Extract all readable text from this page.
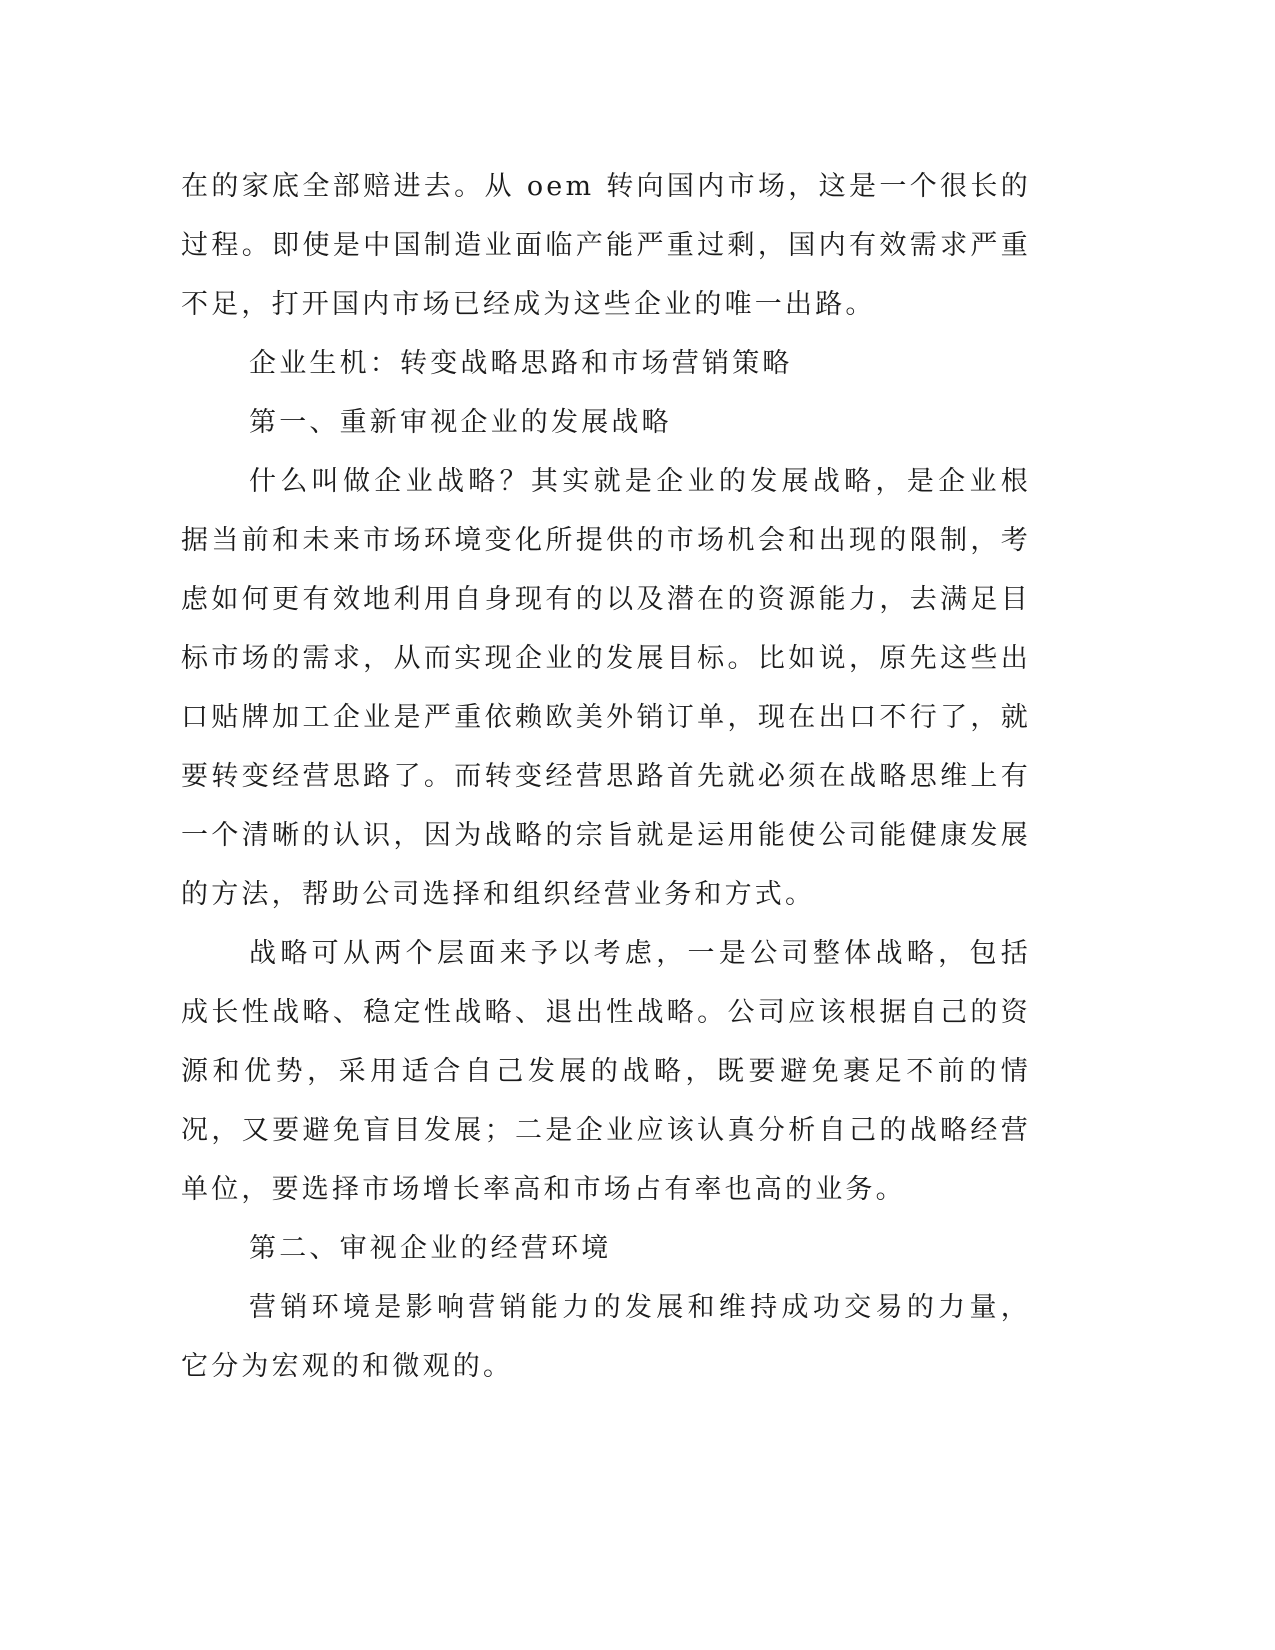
在的家底全部赔进去。从 oem 转向国内市场，这是一个很长的过程。即使是中国制造业面临产能严重过剩，国内有效需求严重不足，打开国内市场已经成为这些企业的唯一出路。

企业生机：转变战略思路和市场营销策略

第一、重新审视企业的发展战略

什么叫做企业战略？其实就是企业的发展战略，是企业根据当前和未来市场环境变化所提供的市场机会和出现的限制，考虑如何更有效地利用自身现有的以及潜在的资源能力，去满足目标市场的需求，从而实现企业的发展目标。比如说，原先这些出口贴牌加工企业是严重依赖欧美外销订单，现在出口不行了，就要转变经营思路了。而转变经营思路首先就必须在战略思维上有一个清晰的认识，因为战略的宗旨就是运用能使公司能健康发展的方法，帮助公司选择和组织经营业务和方式。

战略可从两个层面来予以考虑，一是公司整体战略，包括成长性战略、稳定性战略、退出性战略。公司应该根据自己的资源和优势，采用适合自己发展的战略，既要避免裹足不前的情况，又要避免盲目发展；二是企业应该认真分析自己的战略经营单位，要选择市场增长率高和市场占有率也高的业务。

第二、审视企业的经营环境

营销环境是影响营销能力的发展和维持成功交易的力量，它分为宏观的和微观的。
